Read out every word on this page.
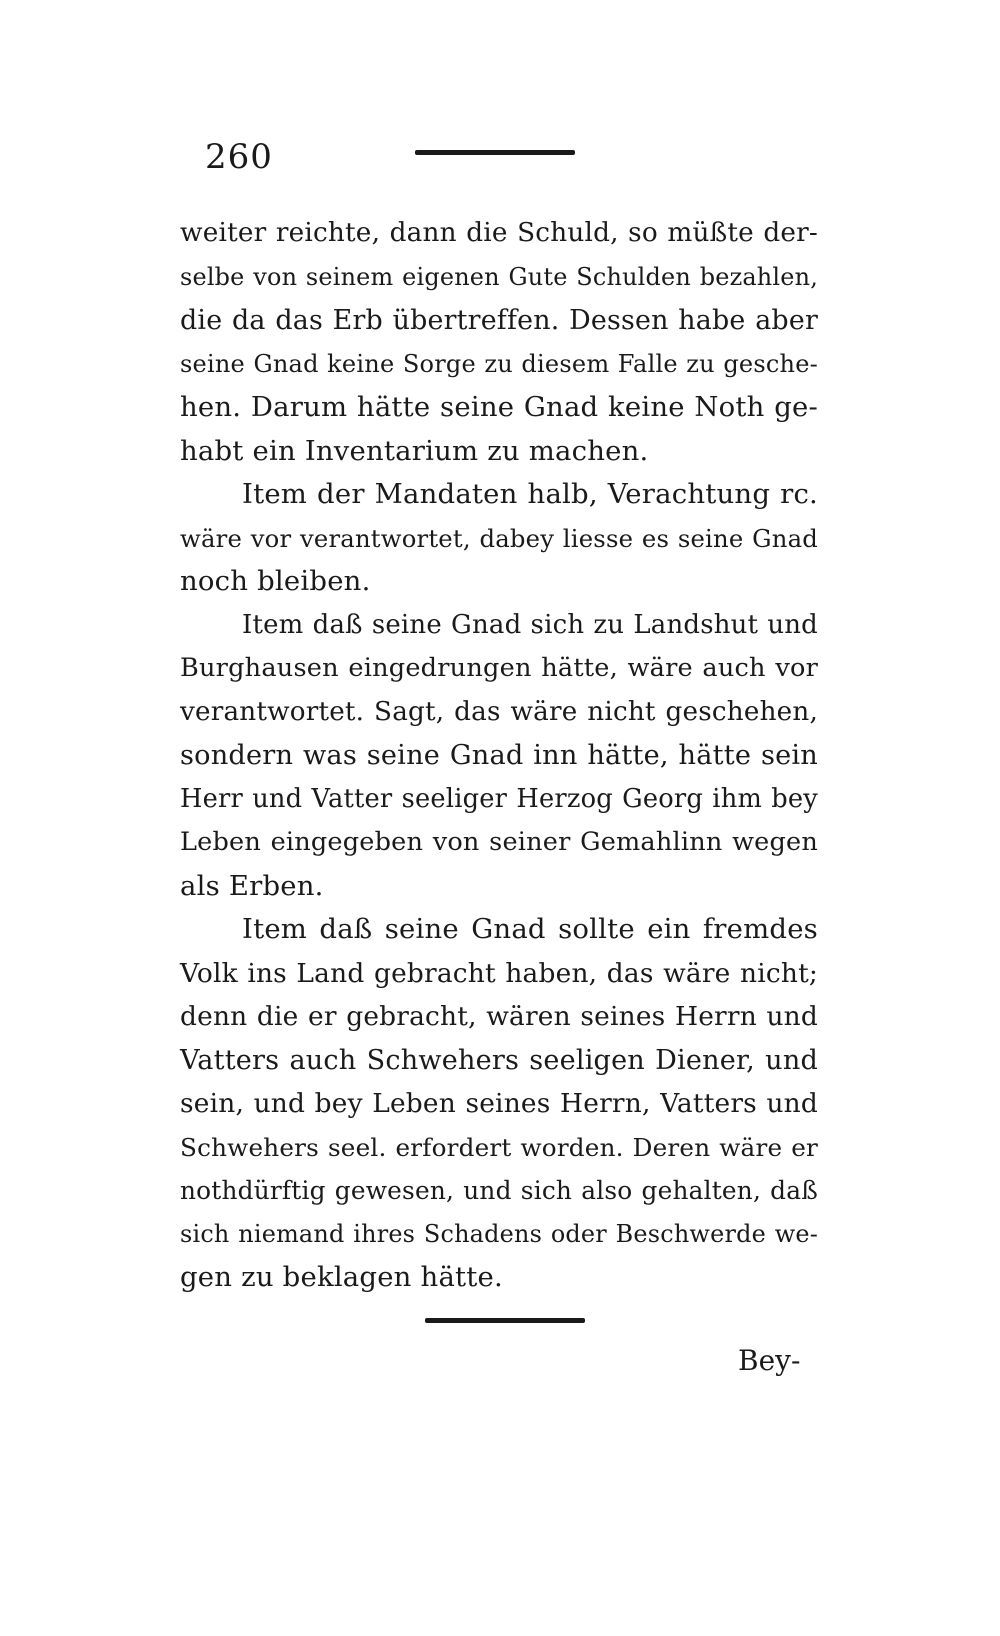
260
weiter reichte, dann die Schuld, so müßte der-
selbe von seinem eigenen Gute Schulden bezahlen,
die da das Erb übertreffen. Dessen habe aber
seine Gnad keine Sorge zu diesem Falle zu gesche-
hen. Darum hätte seine Gnad keine Noth ge-
habt ein Inventarium zu machen.
Item der Mandaten halb, Verachtung rc.
wäre vor verantwortet, dabey liesse es seine Gnad
noch bleiben.
Item daß seine Gnad sich zu Landshut und
Burghausen eingedrungen hätte, wäre auch vor
verantwortet. Sagt, das wäre nicht geschehen,
sondern was seine Gnad inn hätte, hätte sein
Herr und Vatter seeliger Herzog Georg ihm bey
Leben eingegeben von seiner Gemahlinn wegen
als Erben.
Item daß seine Gnad sollte ein fremdes
Volk ins Land gebracht haben, das wäre nicht;
denn die er gebracht, wären seines Herrn und
Vatters auch Schwehers seeligen Diener, und
sein, und bey Leben seines Herrn, Vatters und
Schwehers seel. erfordert worden. Deren wäre er
nothdürftig gewesen, und sich also gehalten, daß
sich niemand ihres Schadens oder Beschwerde we-
gen zu beklagen hätte.
Bey-
